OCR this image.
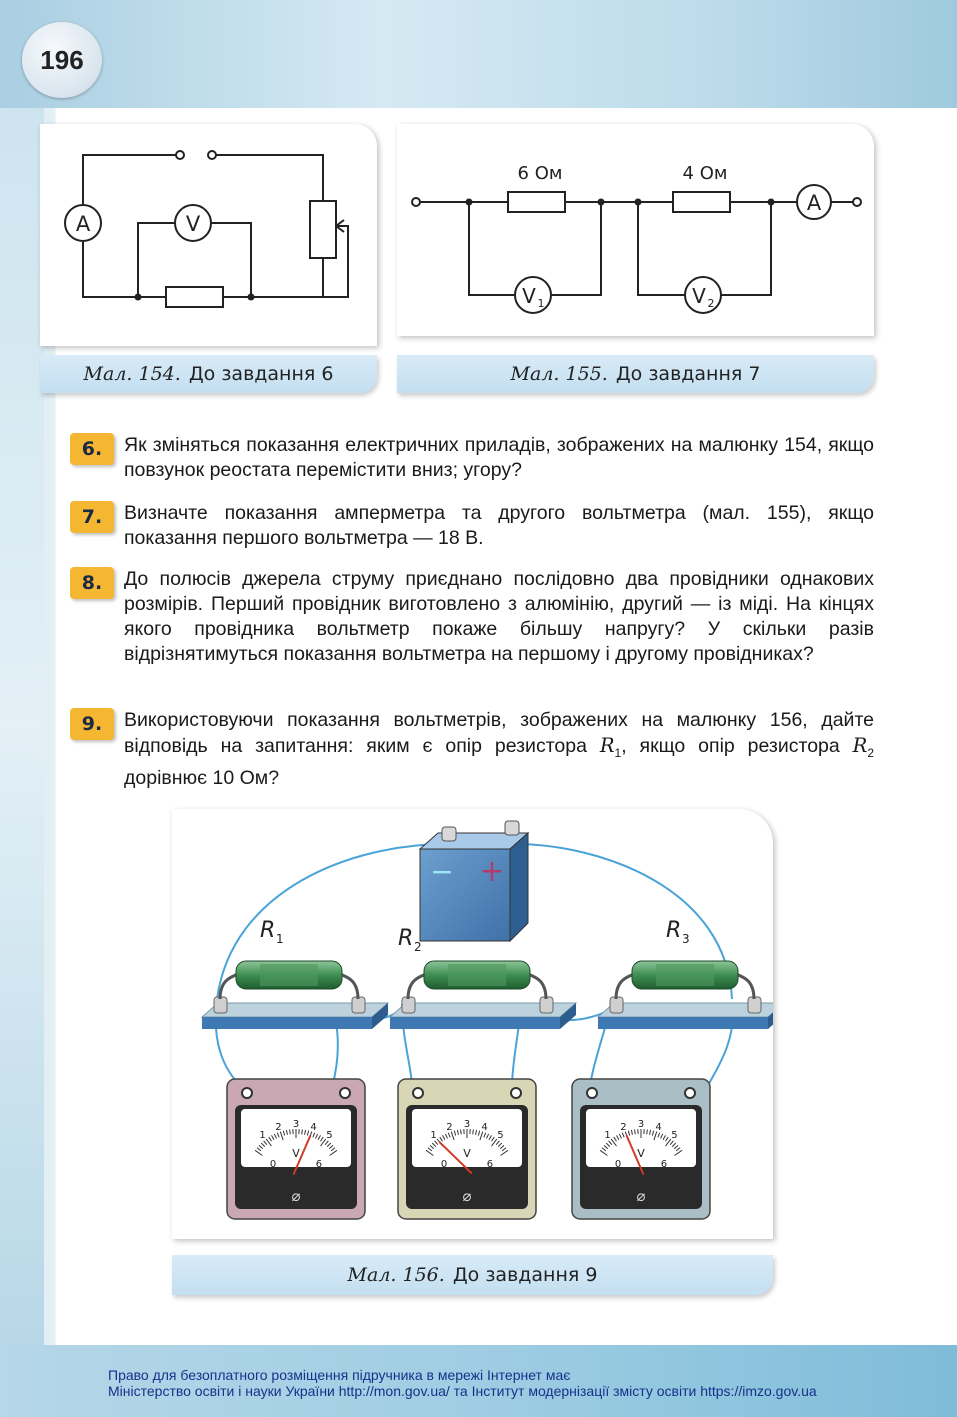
196
A	V
Мал. 154. До завдання 6
6 Ом	4 Ом
A
V 1	V 2
Мал. 155. До завдання 7
6.	Як зміняться показання електричних приладів, зображених на малюнку 154, якщо повзунок реостата перемістити вниз; угору?
7.	Визначте показання амперметра та другого вольтметра (мал. 155), якщо показання першого вольтметра — 18 В.
8.	До полюсів джерела струму приєднано послідовно два провідники однакових розмірів. Перший провідник виготовлено з алюмінію, другий — із міді. На кінцях якого провідника вольтметр покаже більшу напругу? У скільки разів відрізнятимуться показання вольтметра на першому і другому провідниках?
9.	Використовуючи показання вольтметрів, зображених на малюнку 156, дайте відповідь на запитання: яким є опір резистора $R_1$, якщо опір резистора $R_2$ дорівнює 10 Ом?
− +
R 1	R 2
R 3
0
1
2 3 4
5
6
V
⌀
0
1
2 3 4
5
6
V
⌀
0
1
2 3 4
5
6
V
⌀
Мал. 156. До завдання 9
Право для безоплатного розміщення підручника в мережі Інтернет має
Міністерство освіти і науки України http://mon.gov.ua/ та Інститут модернізації змісту освіти https://imzo.gov.ua
